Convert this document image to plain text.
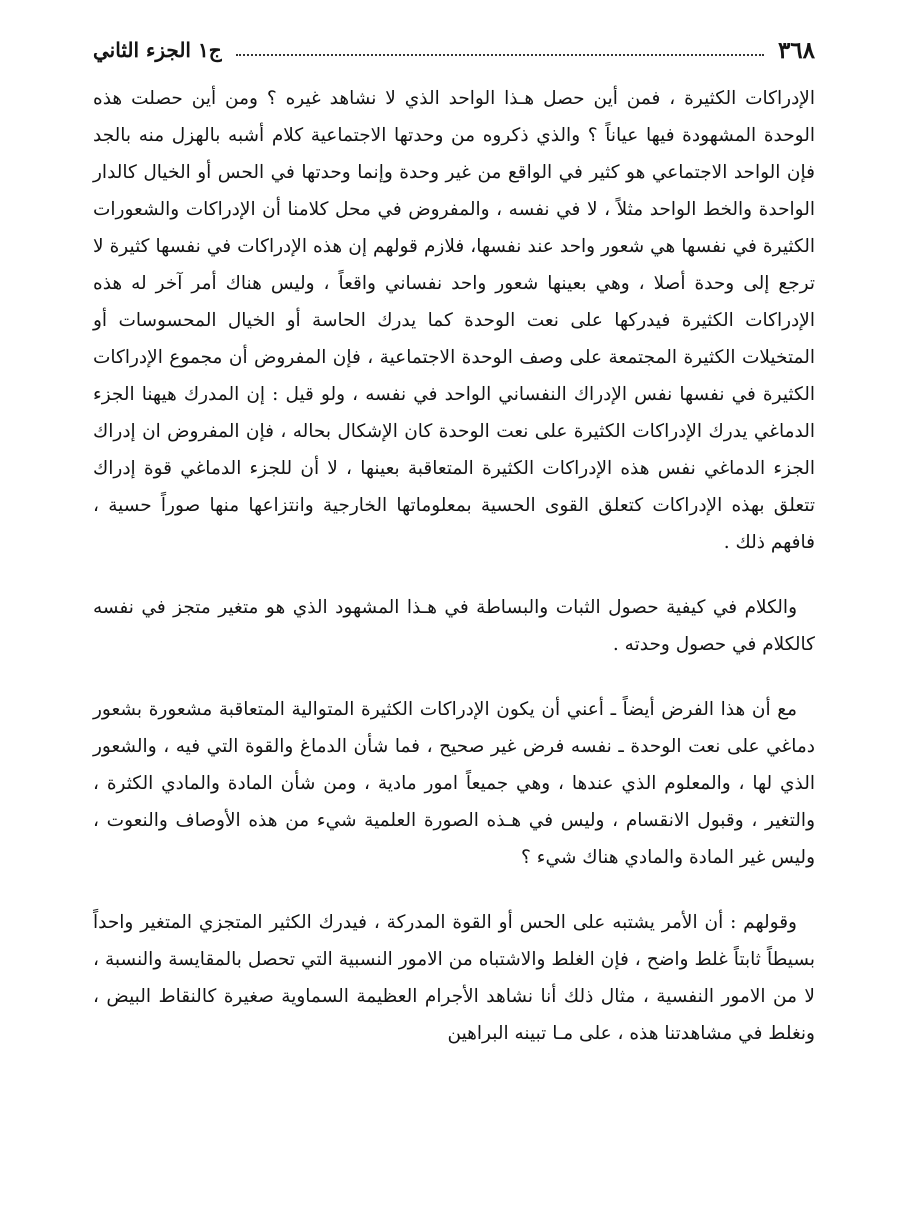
٣٦٨
ج١ الجزء الثاني

الإدراكات الكثيرة ، فمن أين حصل هـذا الواحد الذي لا نشاهد غيره ؟ ومن أين حصلت هذه الوحدة المشهودة فيها عياناً ؟ والذي ذكروه من وحدتها الاجتماعية كلام أشبه بالهزل منه بالجد فإن الواحد الاجتماعي هو كثير في الواقع من غير وحدة وإنما وحدتها في الحس أو الخيال كالدار الواحدة والخط الواحد مثلاً ، لا في نفسه ، والمفروض في محل كلامنا أن الإدراكات والشعورات الكثيرة في نفسها هي شعور واحد عند نفسها، فلازم قولهم إن هذه الإدراكات في نفسها كثيرة لا ترجع إلى وحدة أصلا ، وهي بعينها شعور واحد نفساني واقعاً ، وليس هناك أمر آخر له هذه الإدراكات الكثيرة فيدركها على نعت الوحدة كما يدرك الحاسة أو الخيال المحسوسات أو المتخيلات الكثيرة المجتمعة على وصف الوحدة الاجتماعية ، فإن المفروض أن مجموع الإدراكات الكثيرة في نفسها نفس الإدراك النفساني الواحد في نفسه ، ولو قيل : إن المدرك هيهنا الجزء الدماغي يدرك الإدراكات الكثيرة على نعت الوحدة كان الإشكال بحاله ، فإن المفروض ان إدراك الجزء الدماغي نفس هذه الإدراكات الكثيرة المتعاقبة بعينها ، لا أن للجزء الدماغي قوة إدراك تتعلق بهذه الإدراكات كتعلق القوى الحسية بمعلوماتها الخارجية وانتزاعها منها صوراً حسية ، فافهم ذلك .

والكلام في كيفية حصول الثبات والبساطة في هـذا المشهود الذي هو متغير متجز في نفسه كالكلام في حصول وحدته .

مع أن هذا الفرض أيضاً ـ أعني أن يكون الإدراكات الكثيرة المتوالية المتعاقبة مشعورة بشعور دماغي على نعت الوحدة ـ نفسه فرض غير صحيح ، فما شأن الدماغ والقوة التي فيه ، والشعور الذي لها ، والمعلوم الذي عندها ، وهي جميعاً امور مادية ، ومن شأن المادة والمادي الكثرة ، والتغير ، وقبول الانقسام ، وليس في هـذه الصورة العلمية شيء من هذه الأوصاف والنعوت ، وليس غير المادة والمادي هناك شيء ؟

وقولهم : أن الأمر يشتبه على الحس أو القوة المدركة ، فيدرك الكثير المتجزي المتغير واحداً بسيطاً ثابتاً غلط واضح ، فإن الغلط والاشتباه من الامور النسبية التي تحصل بالمقايسة والنسبة ، لا من الامور النفسية ، مثال ذلك أنا نشاهد الأجرام العظيمة السماوية صغيرة كالنقاط البيض ، ونغلط في مشاهدتنا هذه ، على مـا تبينه البراهين
